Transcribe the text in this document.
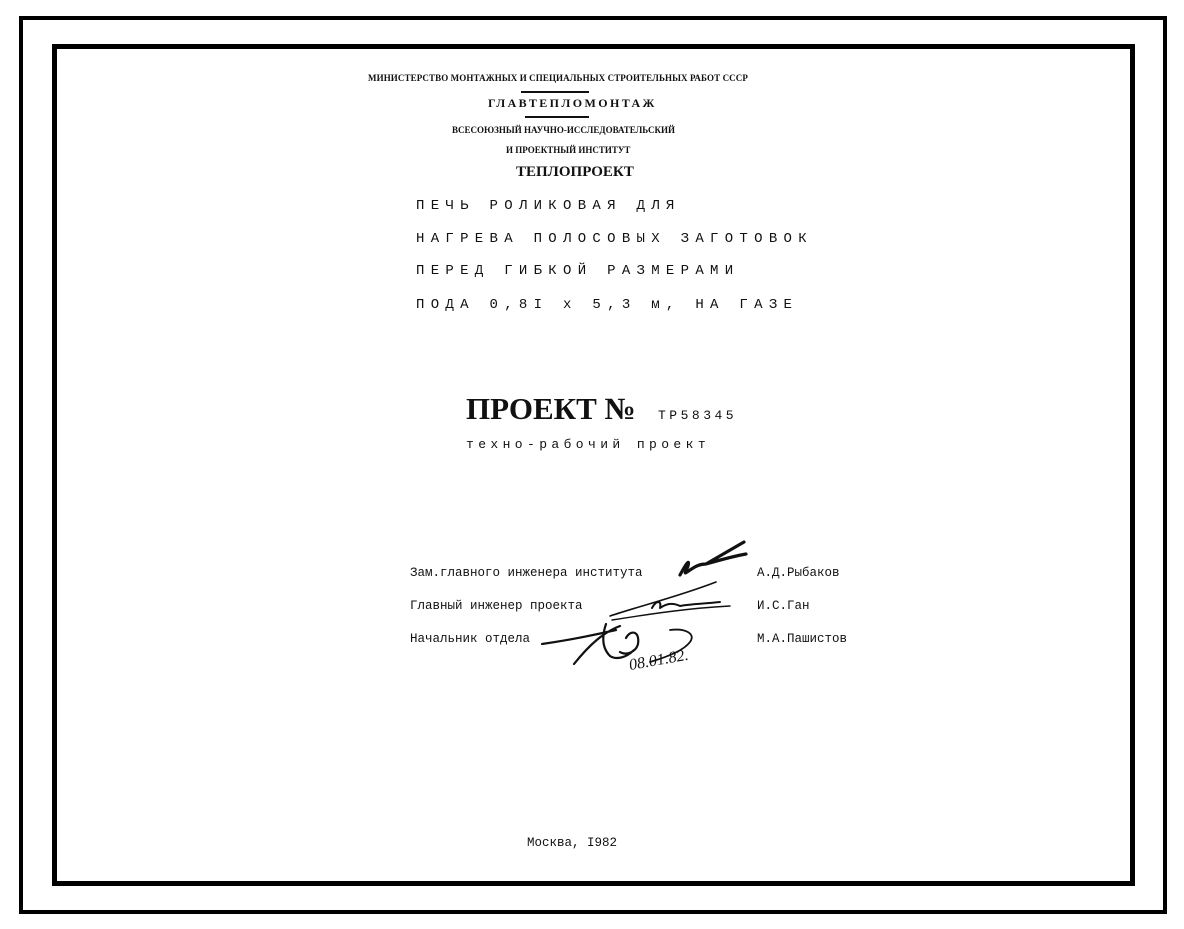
МИНИСТЕРСТВО МОНТАЖНЫХ И СПЕЦИАЛЬНЫХ СТРОИТЕЛЬНЫХ РАБОТ СССР
ГЛАВТЕПЛОМОНТАЖ
ВСЕСОЮЗНЫЙ НАУЧНО-ИССЛЕДОВАТЕЛЬСКИЙ
И ПРОЕКТНЫЙ ИНСТИТУТ
ТЕПЛОПРОЕКТ
ПЕЧЬ РОЛИКОВАЯ ДЛЯ
НАГРЕВА ПОЛОСОВЫХ ЗАГОТОВОК
ПЕРЕД ГИБКОЙ РАЗМЕРАМИ
ПОДА 0,8I х 5,3 м, НА ГАЗЕ
ПРОЕКТ № ТР58345
техно-рабочий проект
Зам.главного инженера института	А.Д.Рыбаков
Главный инженер проекта	И.С.Ган
Начальник отдела	М.А.Пашистов
08.01.82.
Москва, I982
